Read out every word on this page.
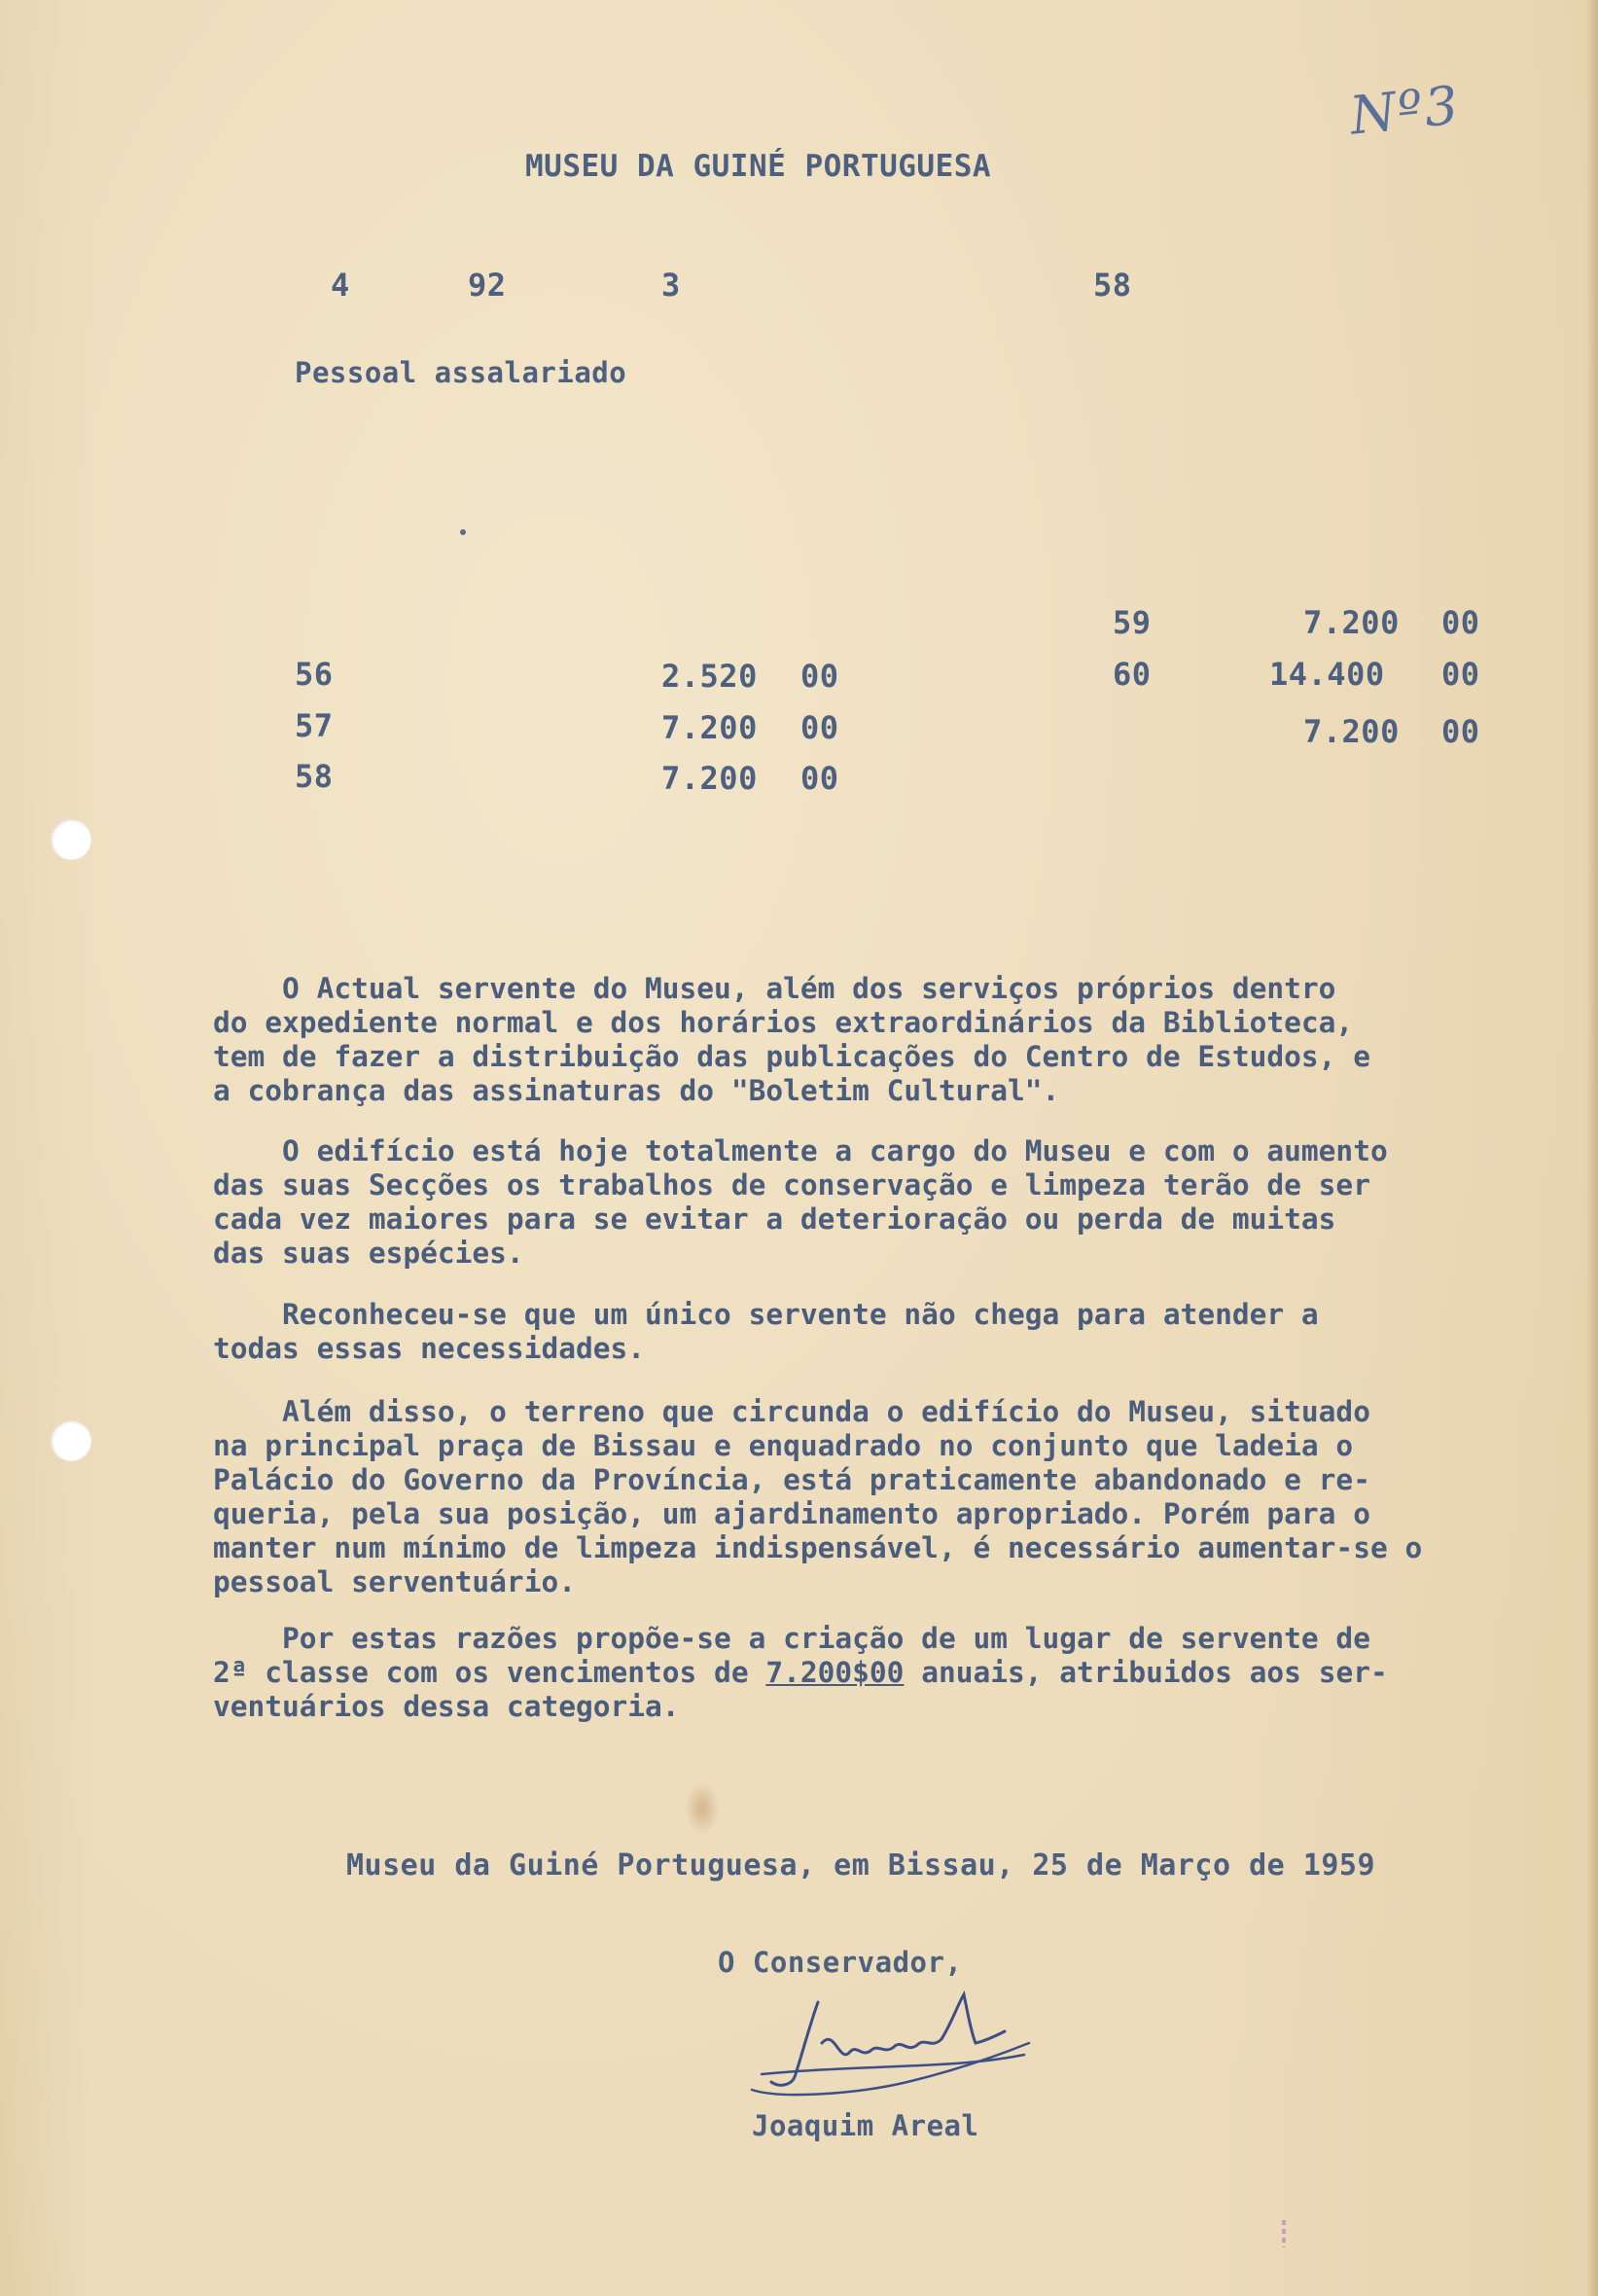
Nº3
MUSEU DA GUINÉ PORTUGUESA
4	92	3	58
Pessoal assalariado
56	2.520 00
57	7.200 00
58	7.200 00
59	7.200 00
60	14.400 00
7.200 00
O Actual servente do Museu, além dos serviços próprios dentro
do expediente normal e dos horários extraordinários da Biblioteca,
tem de fazer a distribuição das publicações do Centro de Estudos, e
a cobrança das assinaturas do "Boletim Cultural".
O edifício está hoje totalmente a cargo do Museu e com o aumento
das suas Secções os trabalhos de conservação e limpeza terão de ser
cada vez maiores para se evitar a deterioração ou perda de muitas
das suas espécies.
Reconheceu-se que um único servente não chega para atender a
todas essas necessidades.
Além disso, o terreno que circunda o edifício do Museu, situado
na principal praça de Bissau e enquadrado no conjunto que ladeia o
Palácio do Governo da Província, está praticamente abandonado e re-
queria, pela sua posição, um ajardinamento apropriado. Porém para o
manter num mínimo de limpeza indispensável, é necessário aumentar-se o
pessoal serventuário.
Por estas razões propõe-se a criação de um lugar de servente de
2ª classe com os vencimentos de 7.200$00 anuais, atribuidos aos ser-
ventuários dessa categoria.
Museu da Guiné Portuguesa, em Bissau, 25 de Março de 1959
O Conservador,
Joaquim Areal
